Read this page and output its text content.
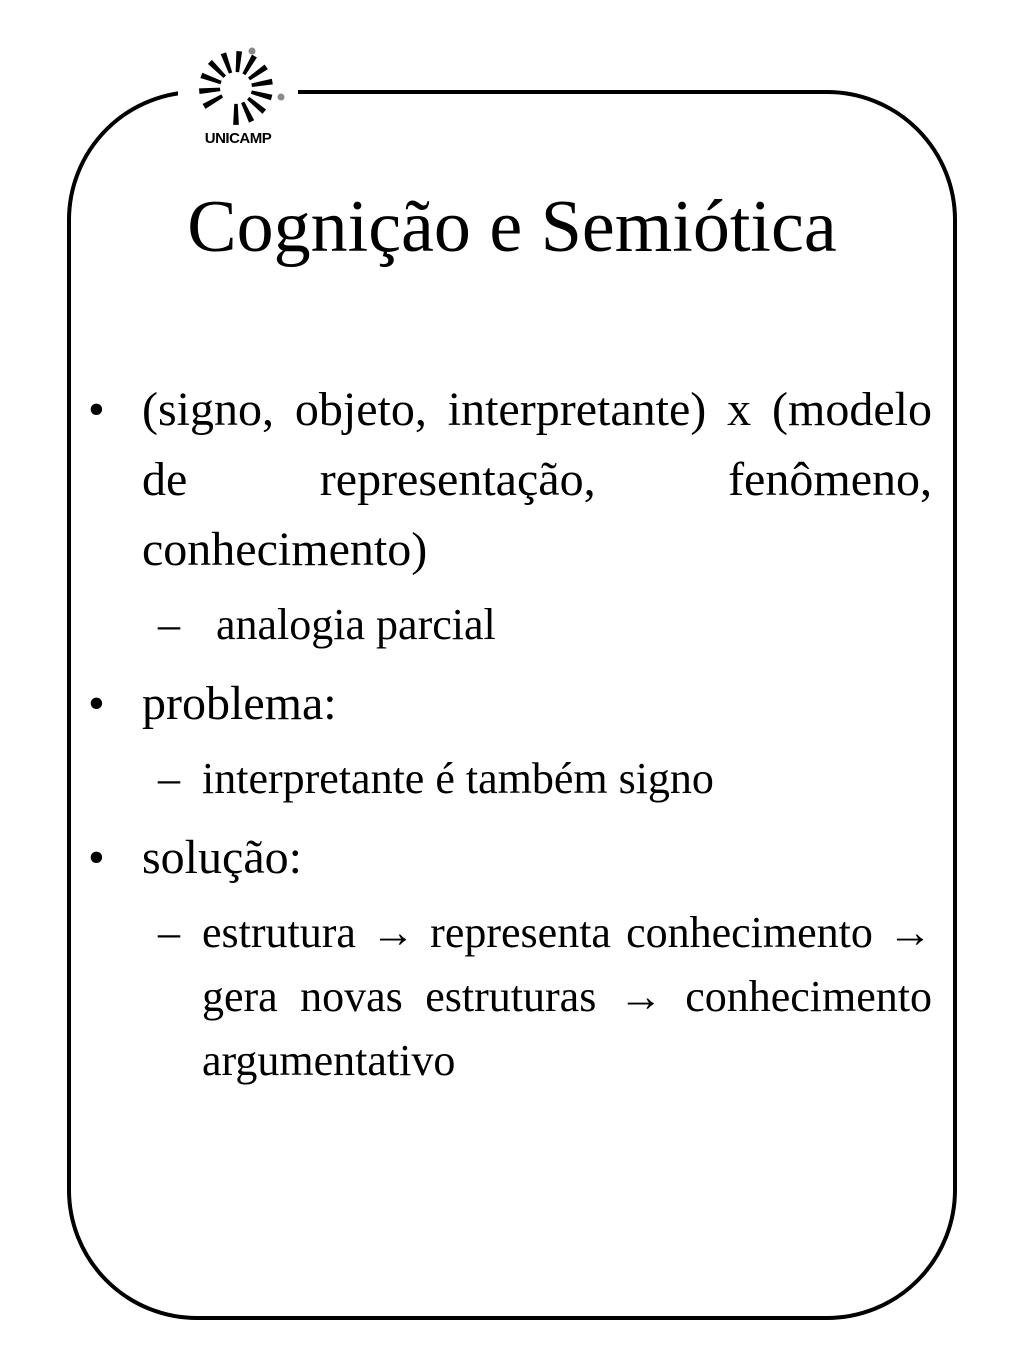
UNICAMP
Cognição e Semiótica
• (signo, objeto, interpretante) x (modelo de representação, fenômeno, conhecimento)
– analogia parcial
• problema:
– interpretante é também signo
• solução:
– estrutura → representa conhecimento → gera novas estruturas → conhecimento argumentativo
